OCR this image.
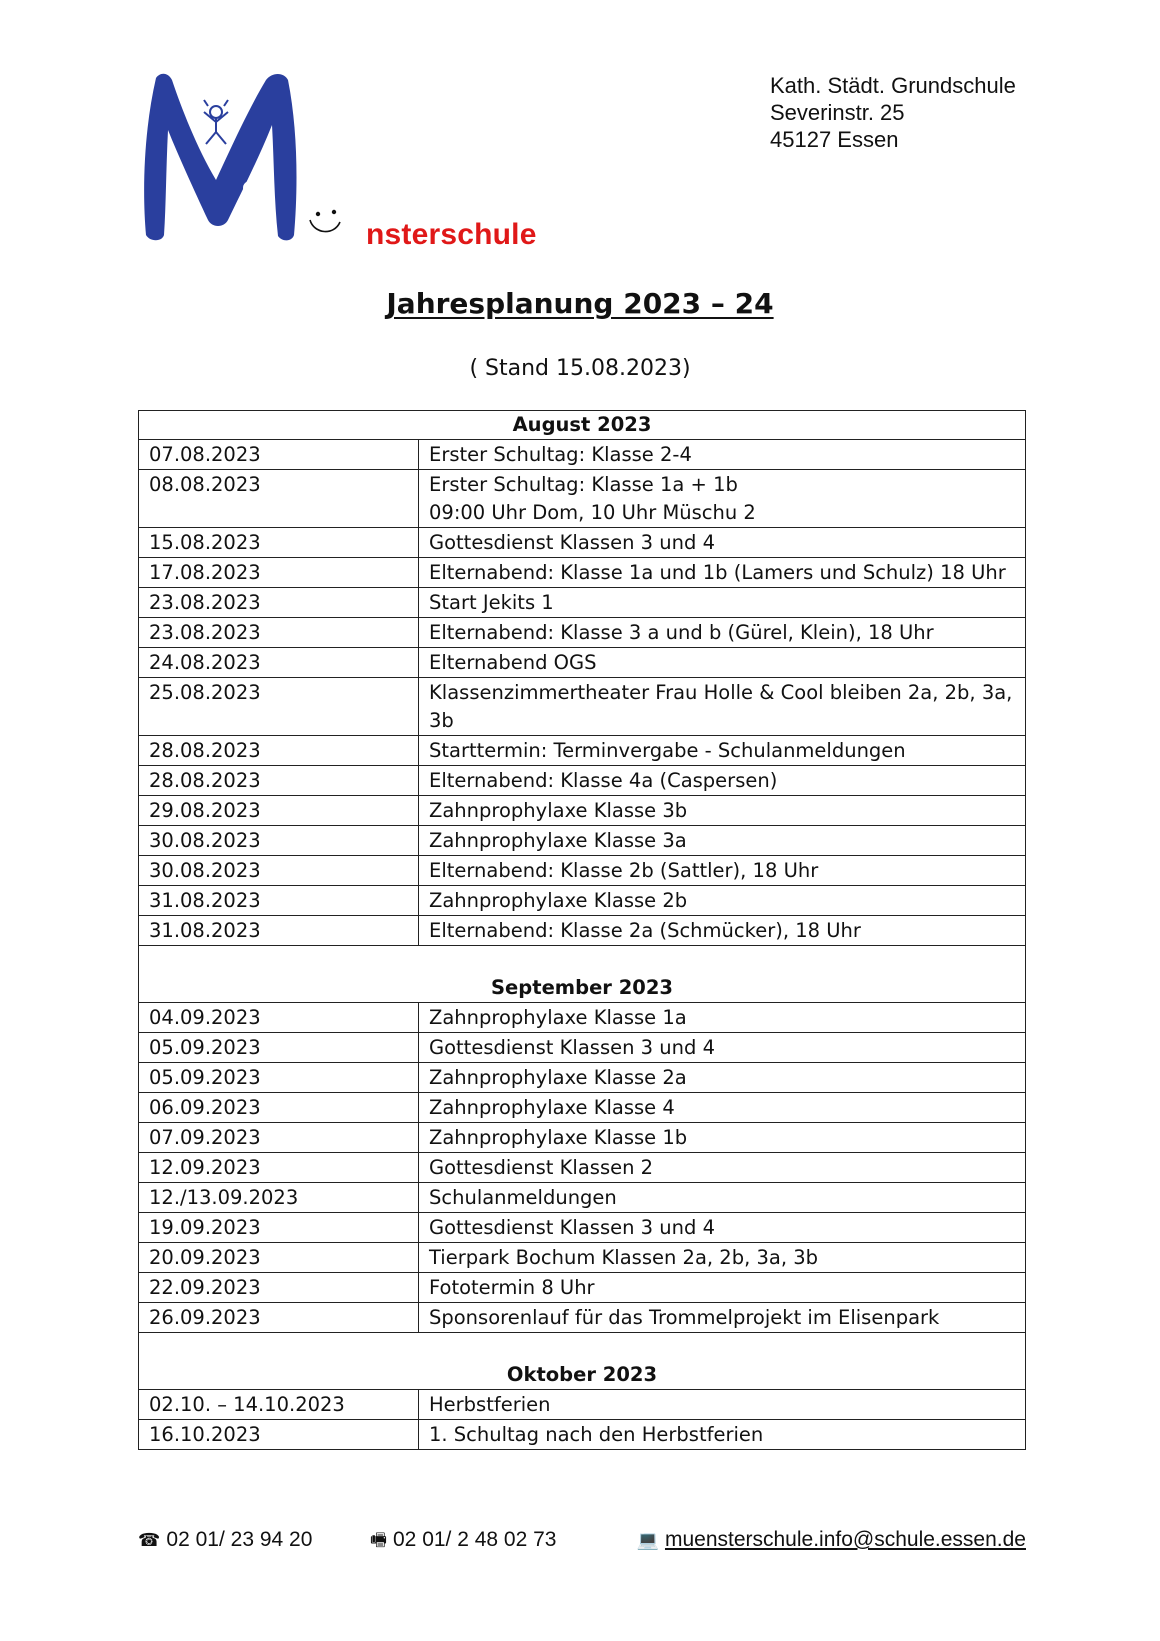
nsterschule
Kath. Städt. Grundschule
Severinstr. 25
45127 Essen
Jahresplanung 2023 – 24
( Stand 15.08.2023)
August 2023	
07.08.2023	Erster Schultag: Klasse 2-4
08.08.2023	Erster Schultag: Klasse 1a + 1b
09:00 Uhr Dom, 10 Uhr Müschu 2
15.08.2023	Gottesdienst Klassen 3 und 4
17.08.2023	Elternabend: Klasse 1a und 1b (Lamers und Schulz) 18 Uhr
23.08.2023	Start Jekits 1
23.08.2023	Elternabend: Klasse 3 a und b (Gürel, Klein), 18 Uhr
24.08.2023	Elternabend OGS
25.08.2023	Klassenzimmertheater Frau Holle & Cool bleiben 2a, 2b, 3a,
3b
28.08.2023	Starttermin: Terminvergabe - Schulanmeldungen
28.08.2023	Elternabend: Klasse 4a (Caspersen)
29.08.2023	Zahnprophylaxe Klasse 3b
30.08.2023	Zahnprophylaxe Klasse 3a
30.08.2023	Elternabend: Klasse 2b (Sattler), 18 Uhr
31.08.2023	Zahnprophylaxe Klasse 2b
31.08.2023	Elternabend: Klasse 2a (Schmücker), 18 Uhr

September 2023	
04.09.2023	Zahnprophylaxe Klasse 1a
05.09.2023	Gottesdienst Klassen 3 und 4
05.09.2023	Zahnprophylaxe Klasse 2a
06.09.2023	Zahnprophylaxe Klasse 4
07.09.2023	Zahnprophylaxe Klasse 1b
12.09.2023	Gottesdienst Klassen 2
12./13.09.2023	Schulanmeldungen
19.09.2023	Gottesdienst Klassen 3 und 4
20.09.2023	Tierpark Bochum Klassen 2a, 2b, 3a, 3b
22.09.2023	Fototermin 8 Uhr
26.09.2023	Sponsorenlauf für das Trommelprojekt im Elisenpark

Oktober 2023	
02.10. – 14.10.2023	Herbstferien
16.10.2023	1. Schultag nach den Herbstferien
☎ 02 01/ 23 94 20	🖷 02 01/ 2 48 02 73	💻 muensterschule.info@schule.essen.de
